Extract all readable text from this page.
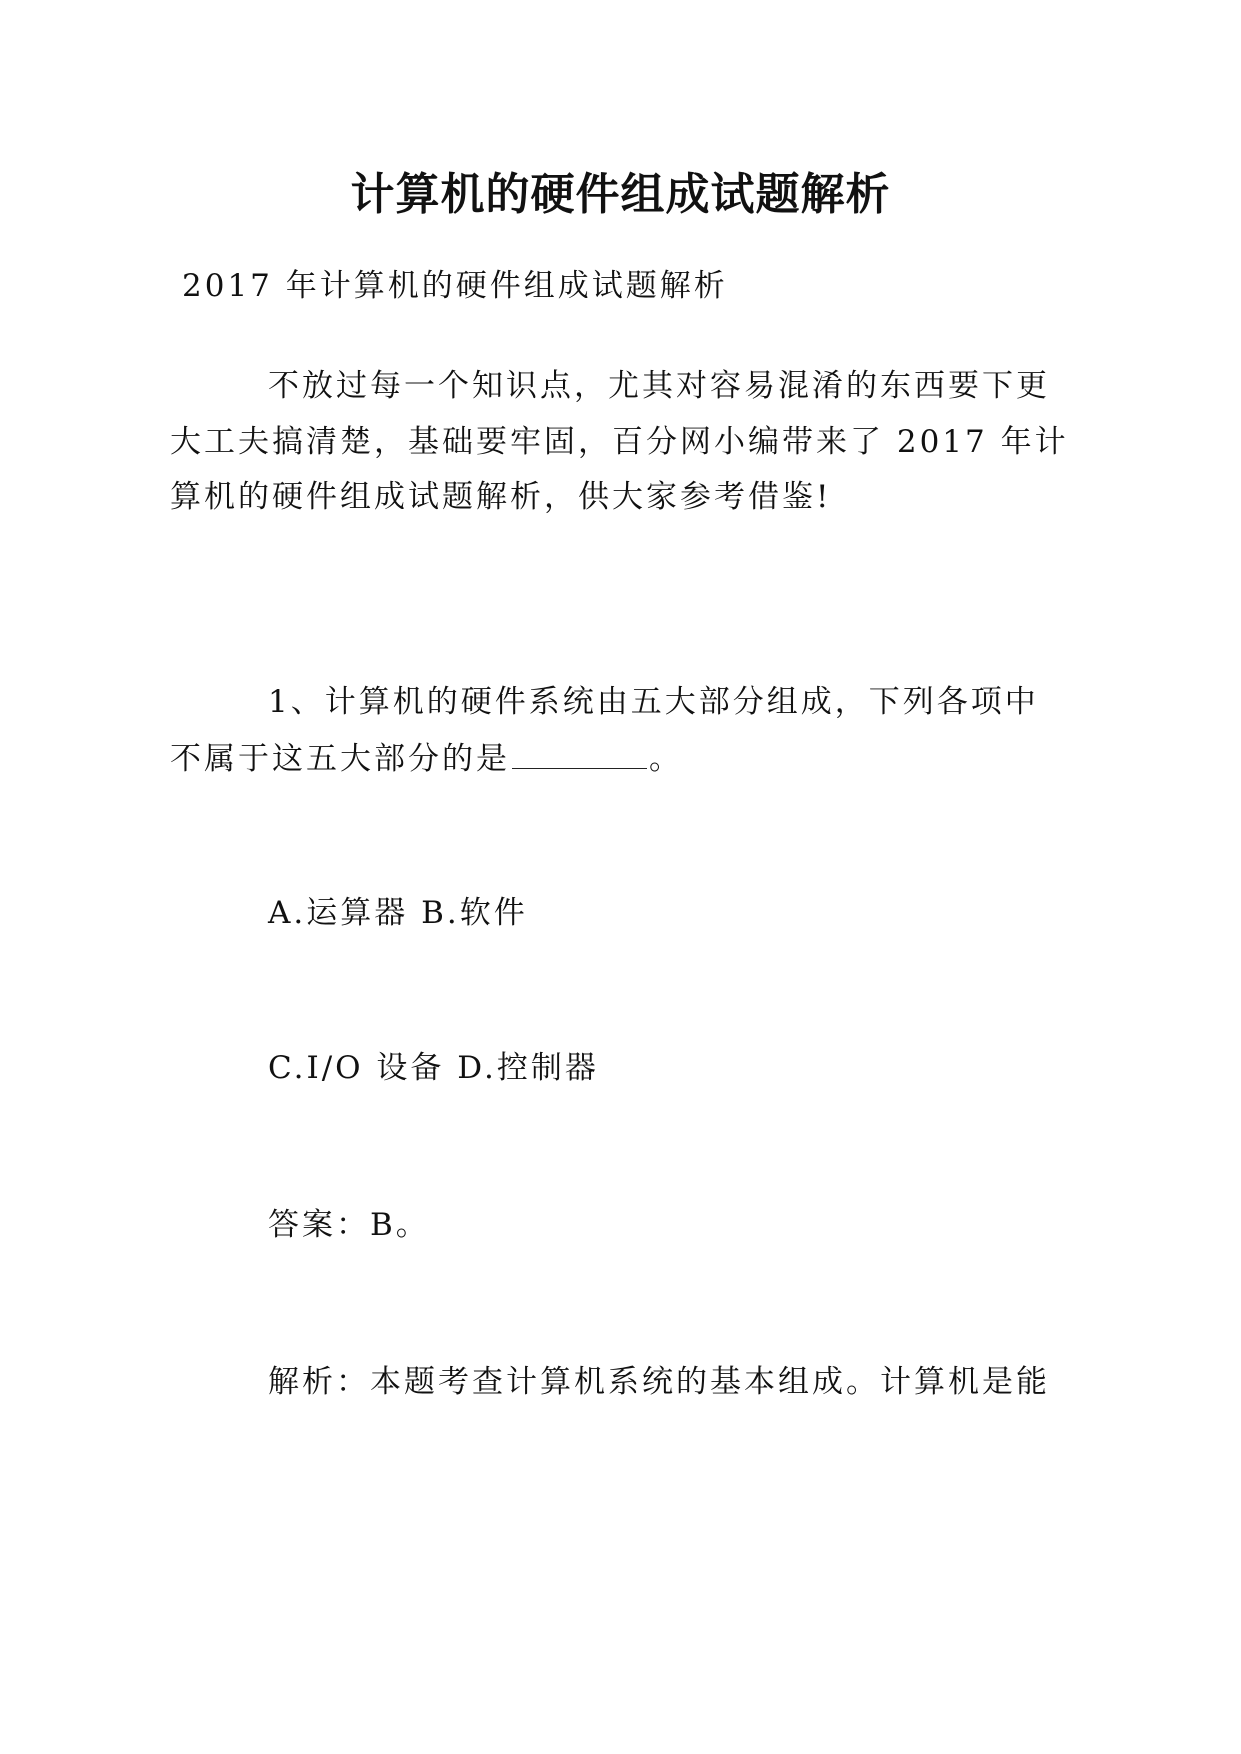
计算机的硬件组成试题解析
2017 年计算机的硬件组成试题解析
不放过每一个知识点，尤其对容易混淆的东西要下更
大工夫搞清楚，基础要牢固，百分网小编带来了 2017 年计
算机的硬件组成试题解析，供大家参考借鉴!
1、计算机的硬件系统由五大部分组成，下列各项中
不属于这五大部分的是	。
A.运算器 B.软件
C.I/O 设备 D.控制器
答案：B。
解析：本题考查计算机系统的基本组成。计算机是能
